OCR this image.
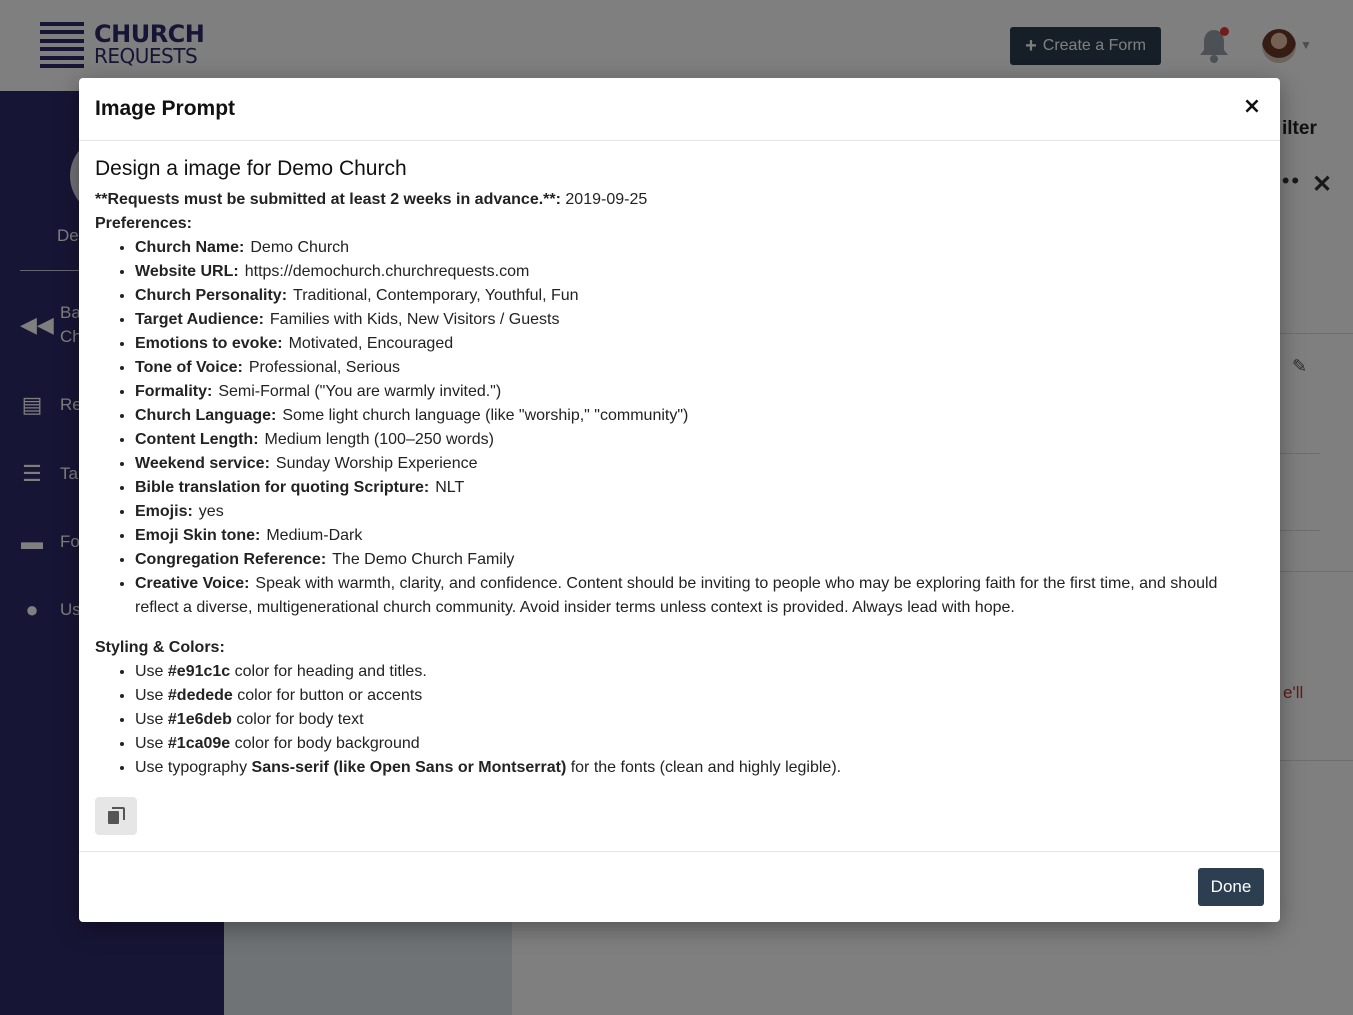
Image Prompt	×
Design a image for Demo Church
**Requests must be submitted at least 2 weeks in advance.**: 2019-09-25
Preferences:
• Church Name: Demo Church
• Website URL: https://demochurch.churchrequests.com
• Church Personality: Traditional, Contemporary, Youthful, Fun
• Target Audience: Families with Kids, New Visitors / Guests
• Emotions to evoke: Motivated, Encouraged
• Tone of Voice: Professional, Serious
• Formality: Semi-Formal ("You are warmly invited.")
• Church Language: Some light church language (like "worship," "community")
• Content Length: Medium length (100–250 words)
• Weekend service: Sunday Worship Experience
• Bible translation for quoting Scripture: NLT
• Emojis: yes
• Emoji Skin tone: Medium-Dark
• Congregation Reference: The Demo Church Family
• Creative Voice: Speak with warmth, clarity, and confidence. Content should be inviting to people who may be exploring faith for the first time, and should reflect a diverse, multigenerational church community. Avoid insider terms unless context is provided. Always lead with hope.
Styling & Colors:
• Use #e91c1c color for heading and titles.
• Use #dedede color for button or accents
• Use #1e6deb color for body text
• Use #1ca09e color for body background
• Use typography Sans-serif (like Open Sans or Montserrat) for the fonts (clean and highly legible).
Done
